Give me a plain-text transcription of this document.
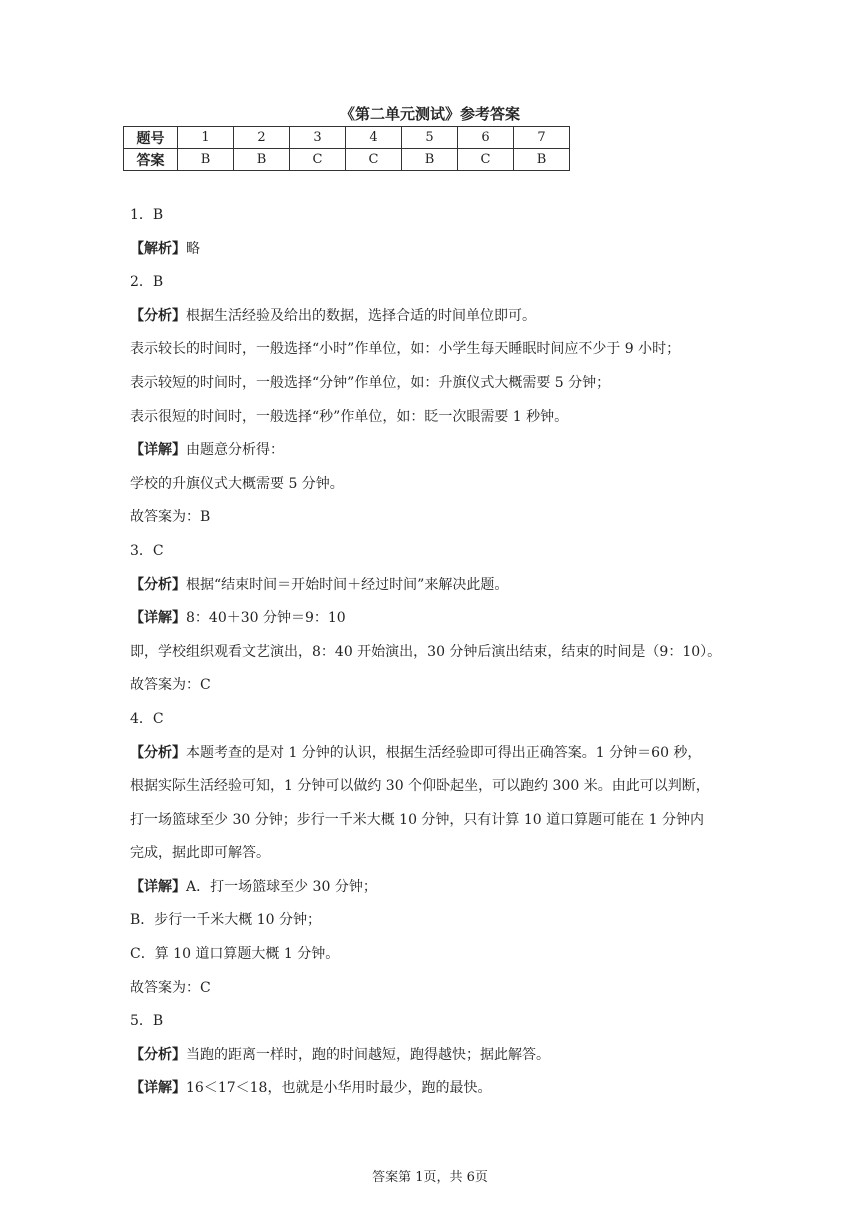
《第二单元测试》参考答案
题号	1	2	3	4	5	6	7
答案	B	B	C	C	B	C	B

1．B

【解析】略

2．B

【分析】根据生活经验及给出的数据，选择合适的时间单位即可。

表示较长的时间时，一般选择“小时”作单位，如：小学生每天睡眠时间应不少于 9 小时；

表示较短的时间时，一般选择“分钟”作单位，如：升旗仪式大概需要 5 分钟；

表示很短的时间时，一般选择“秒”作单位，如：眨一次眼需要 1 秒钟。

【详解】由题意分析得：

学校的升旗仪式大概需要 5 分钟。

故答案为：B

3．C

【分析】根据“结束时间＝开始时间＋经过时间”来解决此题。

【详解】8：40＋30 分钟＝9：10

即，学校组织观看文艺演出，8：40 开始演出，30 分钟后演出结束，结束的时间是（9：10）。

故答案为：C

4．C

【分析】本题考查的是对 1 分钟的认识，根据生活经验即可得出正确答案。1 分钟＝60 秒，

根据实际生活经验可知，1 分钟可以做约 30 个仰卧起坐，可以跑约 300 米。由此可以判断，

打一场篮球至少 30 分钟；步行一千米大概 10 分钟，只有计算 10 道口算题可能在 1 分钟内

完成，据此即可解答。

【详解】A．打一场篮球至少 30 分钟；

B．步行一千米大概 10 分钟；

C．算 10 道口算题大概 1 分钟。

故答案为：C

5．B

【分析】当跑的距离一样时，跑的时间越短，跑得越快；据此解答。

【详解】16＜17＜18，也就是小华用时最少，跑的最快。

答案第 1页，共 6页
